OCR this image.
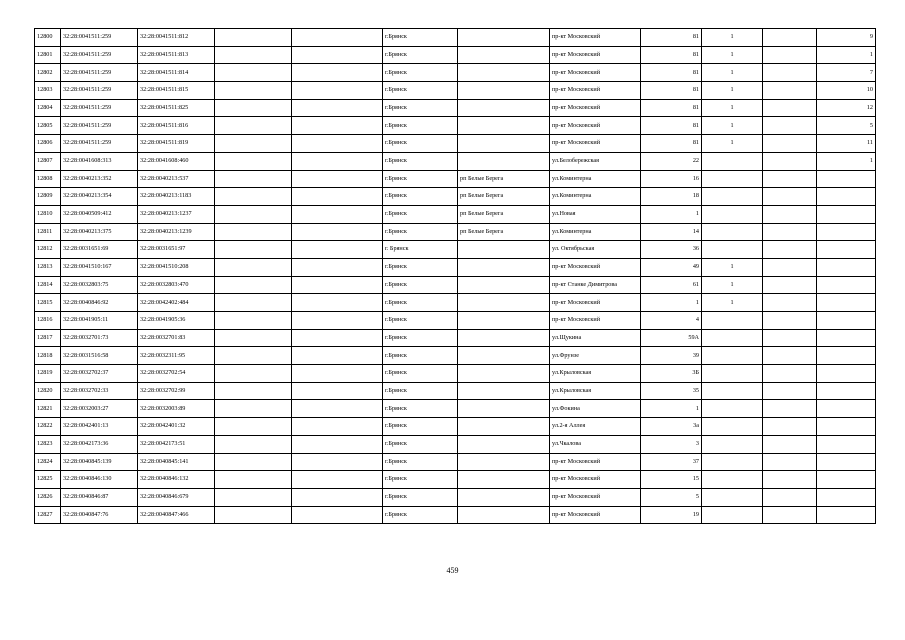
12800	32:28:0041511:259	32:28:0041511:812			г.Брянск		пр-кт Московский	81	1		9
12801	32:28:0041511:259	32:28:0041511:813			г.Брянск		пр-кт Московский	81	1		1
12802	32:28:0041511:259	32:28:0041511:814			г.Брянск		пр-кт Московский	81	1		7
12803	32:28:0041511:259	32:28:0041511:815			г.Брянск		пр-кт Московский	81	1		10
12804	32:28:0041511:259	32:28:0041511:825			г.Брянск		пр-кт Московский	81	1		12
12805	32:28:0041511:259	32:28:0041511:816			г.Брянск		пр-кт Московский	81	1		5
12806	32:28:0041511:259	32:28:0041511:819			г.Брянск		пр-кт Московский	81	1		11
12807	32:28:0041608:313	32:28:0041608:460			г.Брянск		ул.Белобережская	22			1
12808	32:28:0040213:352	32:28:0040213:537			г.Брянск	рп Белые Берега	ул.Коминтерна	16			
12809	32:28:0040213:354	32:28:0040213:1183			г.Брянск	рп Белые Берега	ул.Коминтерна	18			
12810	32:28:0040509:412	32:28:0040213:1237			г.Брянск	рп Белые Берега	ул.Новая	1			
12811	32:28:0040213:375	32:28:0040213:1239			г.Брянск	рп Белые Берега	ул.Коминтерна	14			
12812	32:28:0031651:69	32:28:0031651:97			г. Брянск		ул. Октябрьская	36			
12813	32:28:0041510:167	32:28:0041510:208			г.Брянск		пр-кт Московский	49	1		
12814	32:28:0032803:75	32:28:0032803:470			г.Брянск		пр-кт Станке Димитрова	61	1		
12815	32:28:0040846:92	32:28:0042402:484			г.Брянск		пр-кт Московский	1	1		
12816	32:28:0041905:11	32:28:0041905:36			г.Брянск		пр-кт Московский	4			
12817	32:28:0032701:73	32:28:0032701:83			г.Брянск		ул.Щукина	59А			
12818	32:28:0031516:58	32:28:0032311:95			г.Брянск		ул.Фрунзе	39			
12819	32:28:0032702:37	32:28:0032702:54			г.Брянск		ул.Крыловская	3Б			
12820	32:28:0032702:33	32:28:0032702:99			г.Брянск		ул.Крыловская	35			
12821	32:28:0032003:27	32:28:0032003:89			г.Брянск		ул.Фокина	1			
12822	32:28:0042401:13	32:28:0042401:32			г.Брянск		ул.2-я Аллея	3а			
12823	32:28:0042173:36	32:28:0042173:51			г.Брянск		ул.Чкалова	3			
12824	32:28:0040845:139	32:28:0040845:141			г.Брянск		пр-кт Московский	37			
12825	32:28:0040846:130	32:28:0040846:132			г.Брянск		пр-кт Московский	15			
12826	32:28:0040846:87	32:28:0040846:679			г.Брянск		пр-кт Московский	5			
12827	32:28:0040847:76	32:28:0040847:466			г.Брянск		пр-кт Московский	19			
459
